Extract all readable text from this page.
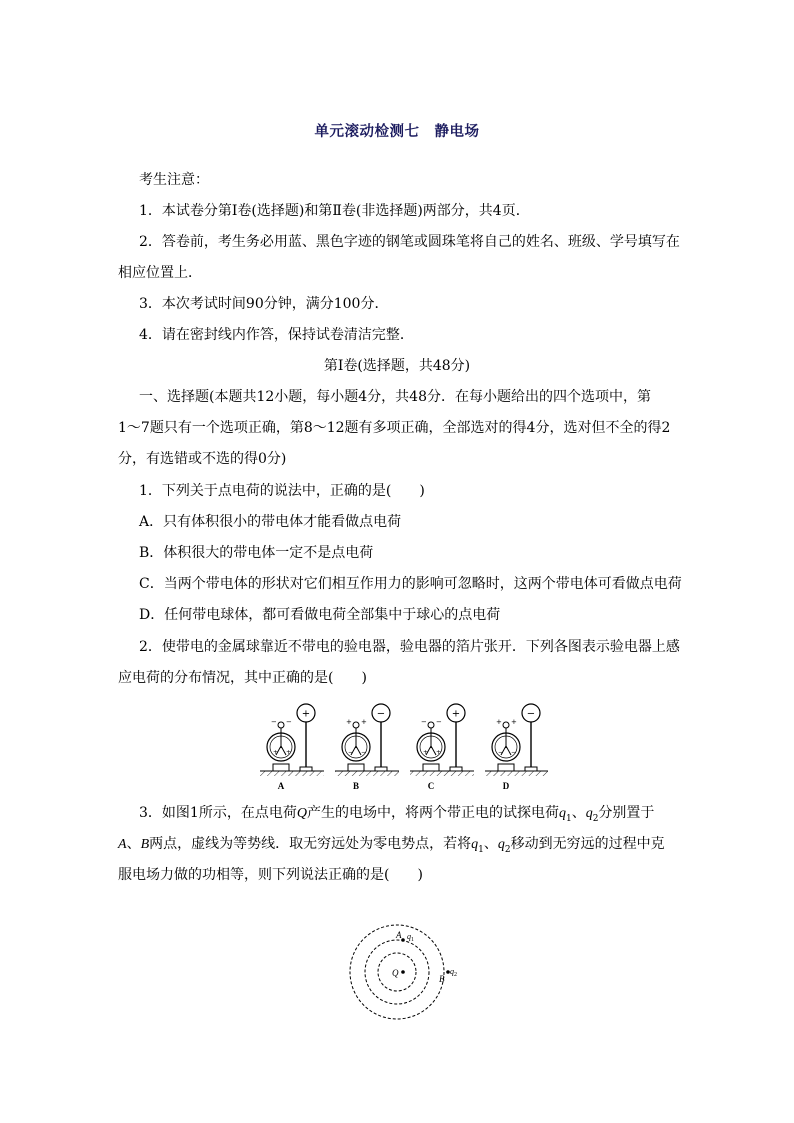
单元滚动检测七　静电场
考生注意：
1．本试卷分第Ⅰ卷(选择题)和第Ⅱ卷(非选择题)两部分，共4页．
2．答卷前，考生务必用蓝、黑色字迹的钢笔或圆珠笔将自己的姓名、班级、学号填写在
相应位置上．
3．本次考试时间90分钟，满分100分．
4．请在密封线内作答，保持试卷清洁完整．
第Ⅰ卷(选择题，共48分)
一、选择题(本题共12小题，每小题4分，共48分．在每小题给出的四个选项中，第
1～7题只有一个选项正确，第8～12题有多项正确，全部选对的得4分，选对但不全的得2
分，有选错或不选的得0分)
1．下列关于点电荷的说法中，正确的是(　　)
A．只有体积很小的带电体才能看做点电荷
B．体积很大的带电体一定不是点电荷
C．当两个带电体的形状对它们相互作用力的影响可忽略时，这两个带电体可看做点电荷
D．任何带电球体，都可看做电荷全部集中于球心的点电荷
2．使带电的金属球靠近不带电的验电器，验电器的箔片张开．下列各图表示验电器上感
应电荷的分布情况，其中正确的是(　　)
− −
+ +
+
A
+ +
− −
−
B
− −
+ +
+
C
+ +
− −
−
D
3．如图1所示，在点电荷Q产生的电场中，将两个带正电的试探电荷$q_1$、$q_2$分别置于
A、B两点，虚线为等势线．取无穷远处为零电势点，若将$q_1$、$q_2$移动到无穷远的过程中克
服电场力做的功相等，则下列说法正确的是(　　)
Q
A $q_1$
B
$q_2$
